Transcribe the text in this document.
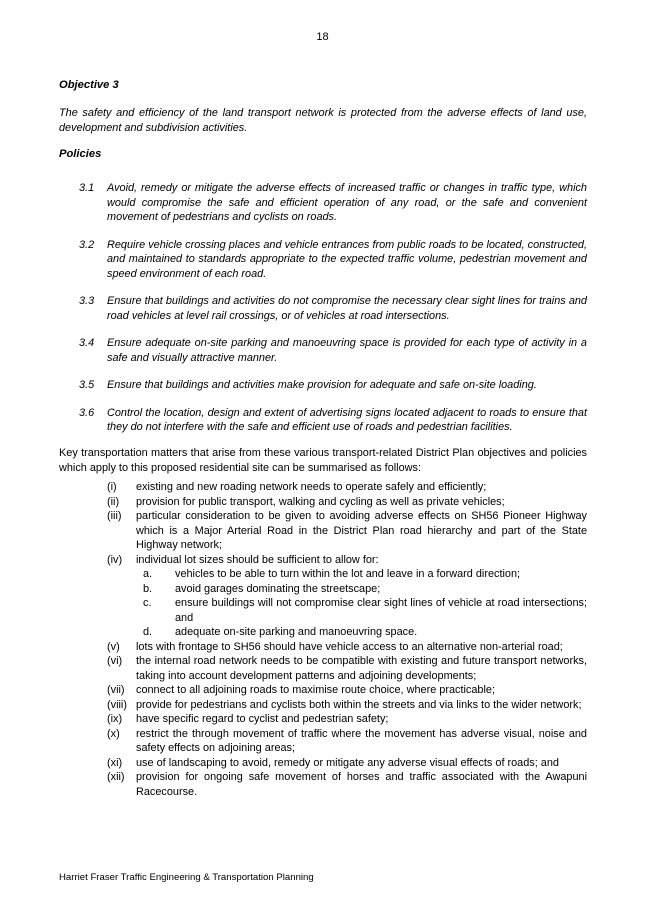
18
Objective 3
The safety and efficiency of the land transport network is protected from the adverse effects of land use, development and subdivision activities.
Policies
3.1	Avoid, remedy or mitigate the adverse effects of increased traffic or changes in traffic type, which would compromise the safe and efficient operation of any road, or the safe and convenient movement of pedestrians and cyclists on roads.
3.2	Require vehicle crossing places and vehicle entrances from public roads to be located, constructed, and maintained to standards appropriate to the expected traffic volume, pedestrian movement and speed environment of each road.
3.3	Ensure that buildings and activities do not compromise the necessary clear sight lines for trains and road vehicles at level rail crossings, or of vehicles at road intersections.
3.4	Ensure adequate on-site parking and manoeuvring space is provided for each type of activity in a safe and visually attractive manner.
3.5	Ensure that buildings and activities make provision for adequate and safe on-site loading.
3.6	Control the location, design and extent of advertising signs located adjacent to roads to ensure that they do not interfere with the safe and efficient use of roads and pedestrian facilities.
Key transportation matters that arise from these various transport-related District Plan objectives and policies which apply to this proposed residential site can be summarised as follows:
(i)	existing and new roading network needs to operate safely and efficiently;
(ii)	provision for public transport, walking and cycling as well as private vehicles;
(iii)	particular consideration to be given to avoiding adverse effects on SH56 Pioneer Highway which is a Major Arterial Road in the District Plan road hierarchy and part of the State Highway network;
(iv)	individual lot sizes should be sufficient to allow for:
a.	vehicles to be able to turn within the lot and leave in a forward direction;
b.	avoid garages dominating the streetscape;
c.	ensure buildings will not compromise clear sight lines of vehicle at road intersections; and
d.	adequate on-site parking and manoeuvring space.
(v)	lots with frontage to SH56 should have vehicle access to an alternative non-arterial road;
(vi)	the internal road network needs to be compatible with existing and future transport networks, taking into account development patterns and adjoining developments;
(vii)	connect to all adjoining roads to maximise route choice, where practicable;
(viii) provide for pedestrians and cyclists both within the streets and via links to the wider network;
(ix)	have specific regard to cyclist and pedestrian safety;
(x)	restrict the through movement of traffic where the movement has adverse visual, noise and safety effects on adjoining areas;
(xi)	use of landscaping to avoid, remedy or mitigate any adverse visual effects of roads; and
(xii)	provision for ongoing safe movement of horses and traffic associated with the Awapuni Racecourse.
Harriet Fraser Traffic Engineering & Transportation Planning
